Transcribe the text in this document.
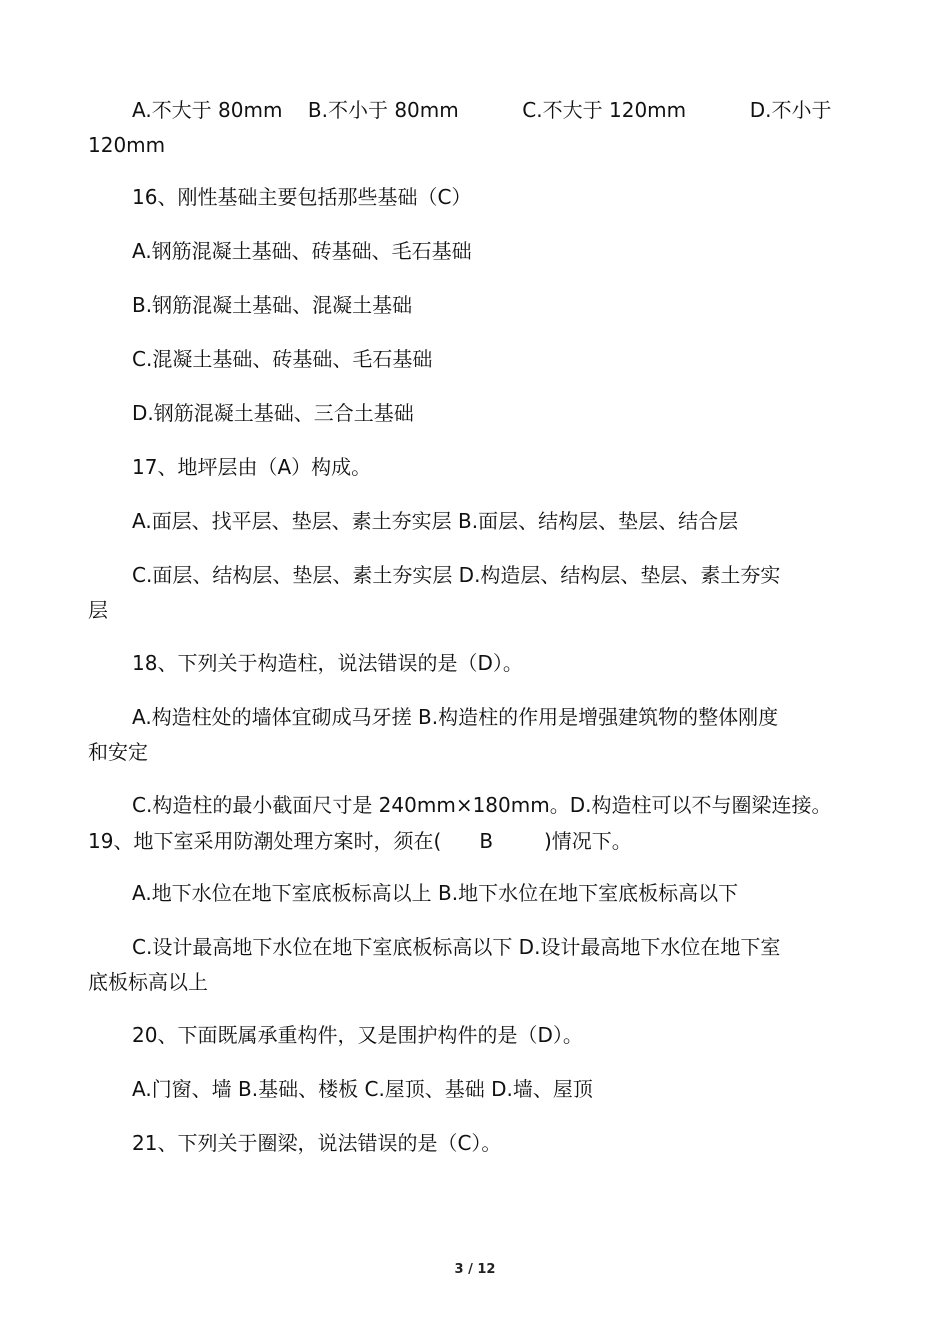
A.不大于 80mm    B.不小于 80mm          C.不大于 120mm          D.不小于
120mm
16、刚性基础主要包括那些基础（C）
A.钢筋混凝土基础、砖基础、毛石基础
B.钢筋混凝土基础、混凝土基础
C.混凝土基础、砖基础、毛石基础
D.钢筋混凝土基础、三合土基础
17、地坪层由（A）构成。
A.面层、找平层、垫层、素土夯实层 B.面层、结构层、垫层、结合层
C.面层、结构层、垫层、素土夯实层 D.构造层、结构层、垫层、素土夯实
层
18、下列关于构造柱，说法错误的是（D）。
A.构造柱处的墙体宜砌成马牙搓 B.构造柱的作用是增强建筑物的整体刚度
和安定
C.构造柱的最小截面尺寸是 240mm×180mm。D.构造柱可以不与圈梁连接。
19、地下室采用防潮处理方案时，须在(      B        )情况下。
A.地下水位在地下室底板标高以上 B.地下水位在地下室底板标高以下
C.设计最高地下水位在地下室底板标高以下 D.设计最高地下水位在地下室
底板标高以上
20、下面既属承重构件，又是围护构件的是（D）。
A.门窗、墙 B.基础、楼板 C.屋顶、基础 D.墙、屋顶
21、下列关于圈梁，说法错误的是（C）。
3 / 12
